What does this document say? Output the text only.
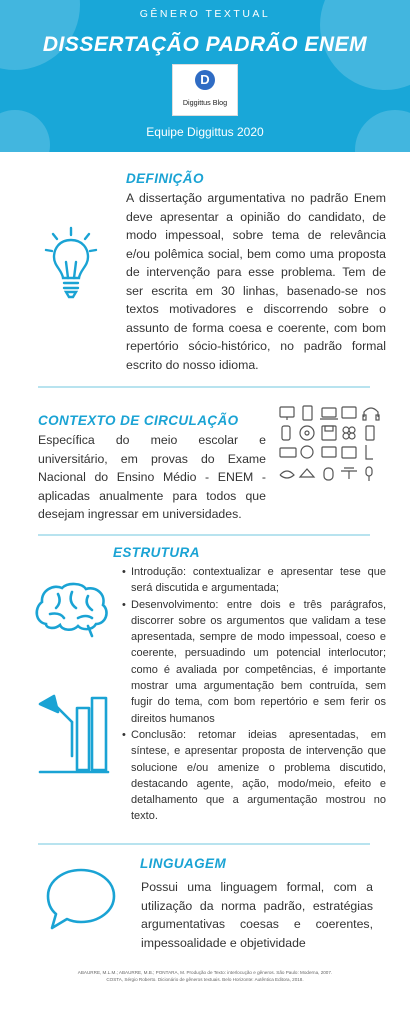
GÊNERO TEXTUAL
DISSERTAÇÃO PADRÃO ENEM
D
Diggittus Blog
Equipe Diggittus 2020
DEFINIÇÃO

A dissertação argumentativa no padrão Enem deve apresentar a opinião do candidato, de modo impessoal, sobre tema de relevância e/ou polêmica social, bem como uma proposta de intervenção para esse problema. Tem de ser escrita em 30 linhas, basenado-se nos textos motivadores e discorrendo sobre o assunto de forma coesa e coerente, com bom repertório sócio-histórico, no padrão formal escrito do nosso idioma.

CONTEXTO DE CIRCULAÇÃO

Específica do meio escolar e universitário, em provas do Exame Nacional do Ensino Médio - ENEM - aplicadas anualmente para todos que desejam ingressar em universidades.

ESTRUTURA
• Introdução: contextualizar e apresentar tese que será discutida e argumentada;
• Desenvolvimento: entre dois e três parágrafos, discorrer sobre os argumentos que validam a tese apresentada, sempre de modo impessoal, coeso e coerente, persuadindo um potencial interlocutor; como é avaliada por competências, é importante mostrar uma argumentação bem contruída, sem fugir do tema, com bom repertório e sem ferir os direitos humanos
• Conclusão: retomar ideias apresentadas, em síntese, e apresentar proposta de intervenção que solucione e/ou amenize o problema discutido, destacando agente, ação, modo/meio, efeito e detalhamento que a argumentação mostrou no texto.
LINGUAGEM

Possui uma linguagem formal, com a utilização da norma padrão, estratégias argumentativas coesas e coerentes, impessoalidade e objetividade

ABAURRE, M.L.M.; ABAURRE, M.B.; PONTARA, M. Produção de Texto: interlocução e gêneros. São Paulo: Moderna, 2007.
COSTA, Sérgio Roberto. Dicionário de gêneros textuais. Belo Horizonte: Autêntica Editora, 2018.
